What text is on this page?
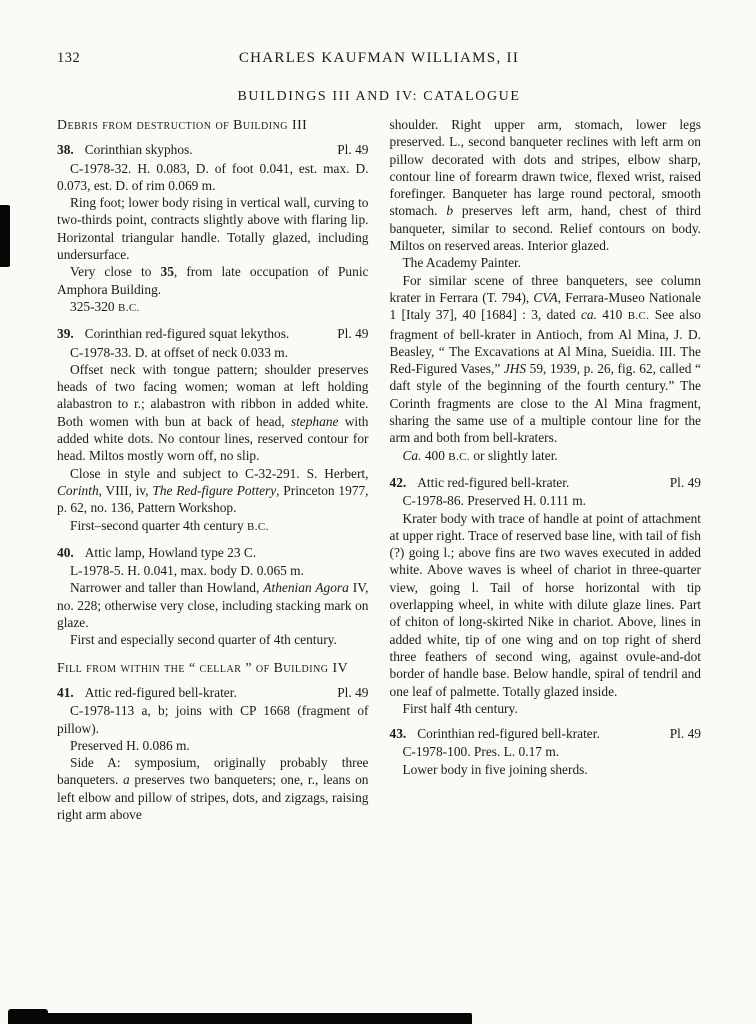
132	CHARLES KAUFMAN WILLIAMS, II
BUILDINGS III AND IV: CATALOGUE
Debris from destruction of Building III
38. Corinthian skyphos.	Pl. 49

C-1978-32. H. 0.083, D. of foot 0.041, est. max. D. 0.073, est. D. of rim 0.069 m.

Ring foot; lower body rising in vertical wall, curving to two-thirds point, contracts slightly above with flaring lip. Horizontal triangular handle. Totally glazed, including undersurface.

Very close to 35, from late occupation of Punic Amphora Building.

325-320 B.C.

39. Corinthian red-figured squat lekythos.	Pl. 49

C-1978-33. D. at offset of neck 0.033 m.

Offset neck with tongue pattern; shoulder preserves heads of two facing women; woman at left holding alabastron to r.; alabastron with ribbon in added white. Both women with bun at back of head, stephane with added white dots. No contour lines, reserved contour for head. Miltos mostly worn off, no slip.

Close in style and subject to C-32-291. S. Herbert, Corinth, VIII, iv, The Red-figure Pottery, Princeton 1977, p. 62, no. 136, Pattern Workshop.

First–second quarter 4th century B.C.

40. Attic lamp, Howland type 23 C.

L-1978-5. H. 0.041, max. body D. 0.065 m.

Narrower and taller than Howland, Athenian Agora IV, no. 228; otherwise very close, including stacking mark on glaze.

First and especially second quarter of 4th century.

Fill from within the “ cellar ” of Building IV
41. Attic red-figured bell-krater.	Pl. 49

C-1978-113 a, b; joins with CP 1668 (fragment of pillow).

Preserved H. 0.086 m.

Side A: symposium, originally probably three banqueters. a preserves two banqueters; one, r., leans on left elbow and pillow of stripes, dots, and zigzags, raising right arm above

shoulder. Right upper arm, stomach, lower legs preserved. L., second banqueter reclines with left arm on pillow decorated with dots and stripes, elbow sharp, contour line of forearm drawn twice, flexed wrist, raised forefinger. Banqueter has large round pectoral, smooth stomach. b preserves left arm, hand, chest of third banqueter, similar to second. Relief contours on body. Miltos on reserved areas. Interior glazed.

The Academy Painter.

For similar scene of three banqueters, see column krater in Ferrara (T. 794), CVA, Ferrara-Museo Nationale 1 [Italy 37], 40 [1684] : 3, dated ca. 410 B.C. See also fragment of bell-krater in Antioch, from Al Mina, J. D. Beasley, “ The Excavations at Al Mina, Sueidia. III. The Red-Figured Vases,” JHS 59, 1939, p. 26, fig. 62, called “ daft style of the beginning of the fourth century.” The Corinth fragments are close to the Al Mina fragment, sharing the same use of a multiple contour line for the arm and both from bell-kraters.

Ca. 400 B.C. or slightly later.

42. Attic red-figured bell-krater.	Pl. 49

C-1978-86. Preserved H. 0.111 m.

Krater body with trace of handle at point of attachment at upper right. Trace of reserved base line, with tail of fish (?) going l.; above fins are two waves executed in added white. Above waves is wheel of chariot in three-quarter view, going l. Tail of horse horizontal with tip overlapping wheel, in white with dilute glaze lines. Part of chiton of long-skirted Nike in chariot. Above, lines in added white, tip of one wing and on top right of sherd three feathers of second wing, against ovule-and-dot border of handle base. Below handle, spiral of tendril and one leaf of palmette. Totally glazed inside.

First half 4th century.

43. Corinthian red-figured bell-krater.	Pl. 49

C-1978-100. Pres. L. 0.17 m.

Lower body in five joining sherds.
